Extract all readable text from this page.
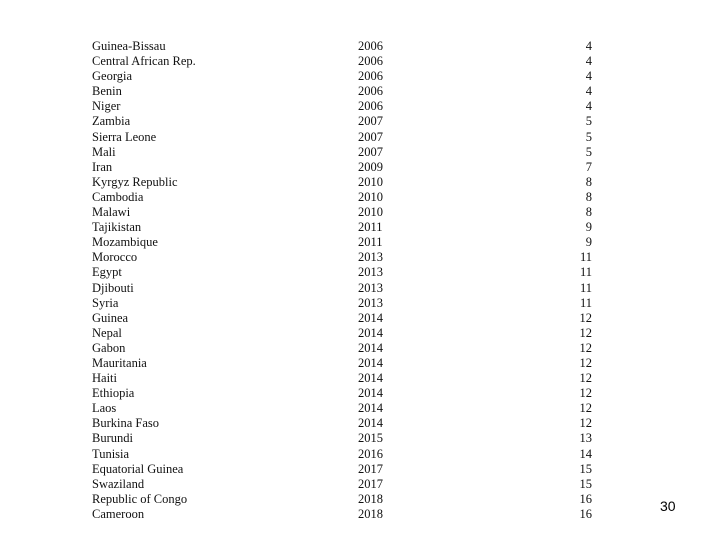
Guinea-Bissau	2006	4
Central African Rep.	2006	4
Georgia	2006	4
Benin	2006	4
Niger	2006	4
Zambia	2007	5
Sierra Leone	2007	5
Mali	2007	5
Iran	2009	7
Kyrgyz Republic	2010	8
Cambodia	2010	8
Malawi	2010	8
Tajikistan	2011	9
Mozambique	2011	9
Morocco	2013	11
Egypt	2013	11
Djibouti	2013	11
Syria	2013	11
Guinea	2014	12
Nepal	2014	12
Gabon	2014	12
Mauritania	2014	12
Haiti	2014	12
Ethiopia	2014	12
Laos	2014	12
Burkina Faso	2014	12
Burundi	2015	13
Tunisia	2016	14
Equatorial Guinea	2017	15
Swaziland	2017	15
Republic of Congo	2018	16
Cameroon	2018	16	30
